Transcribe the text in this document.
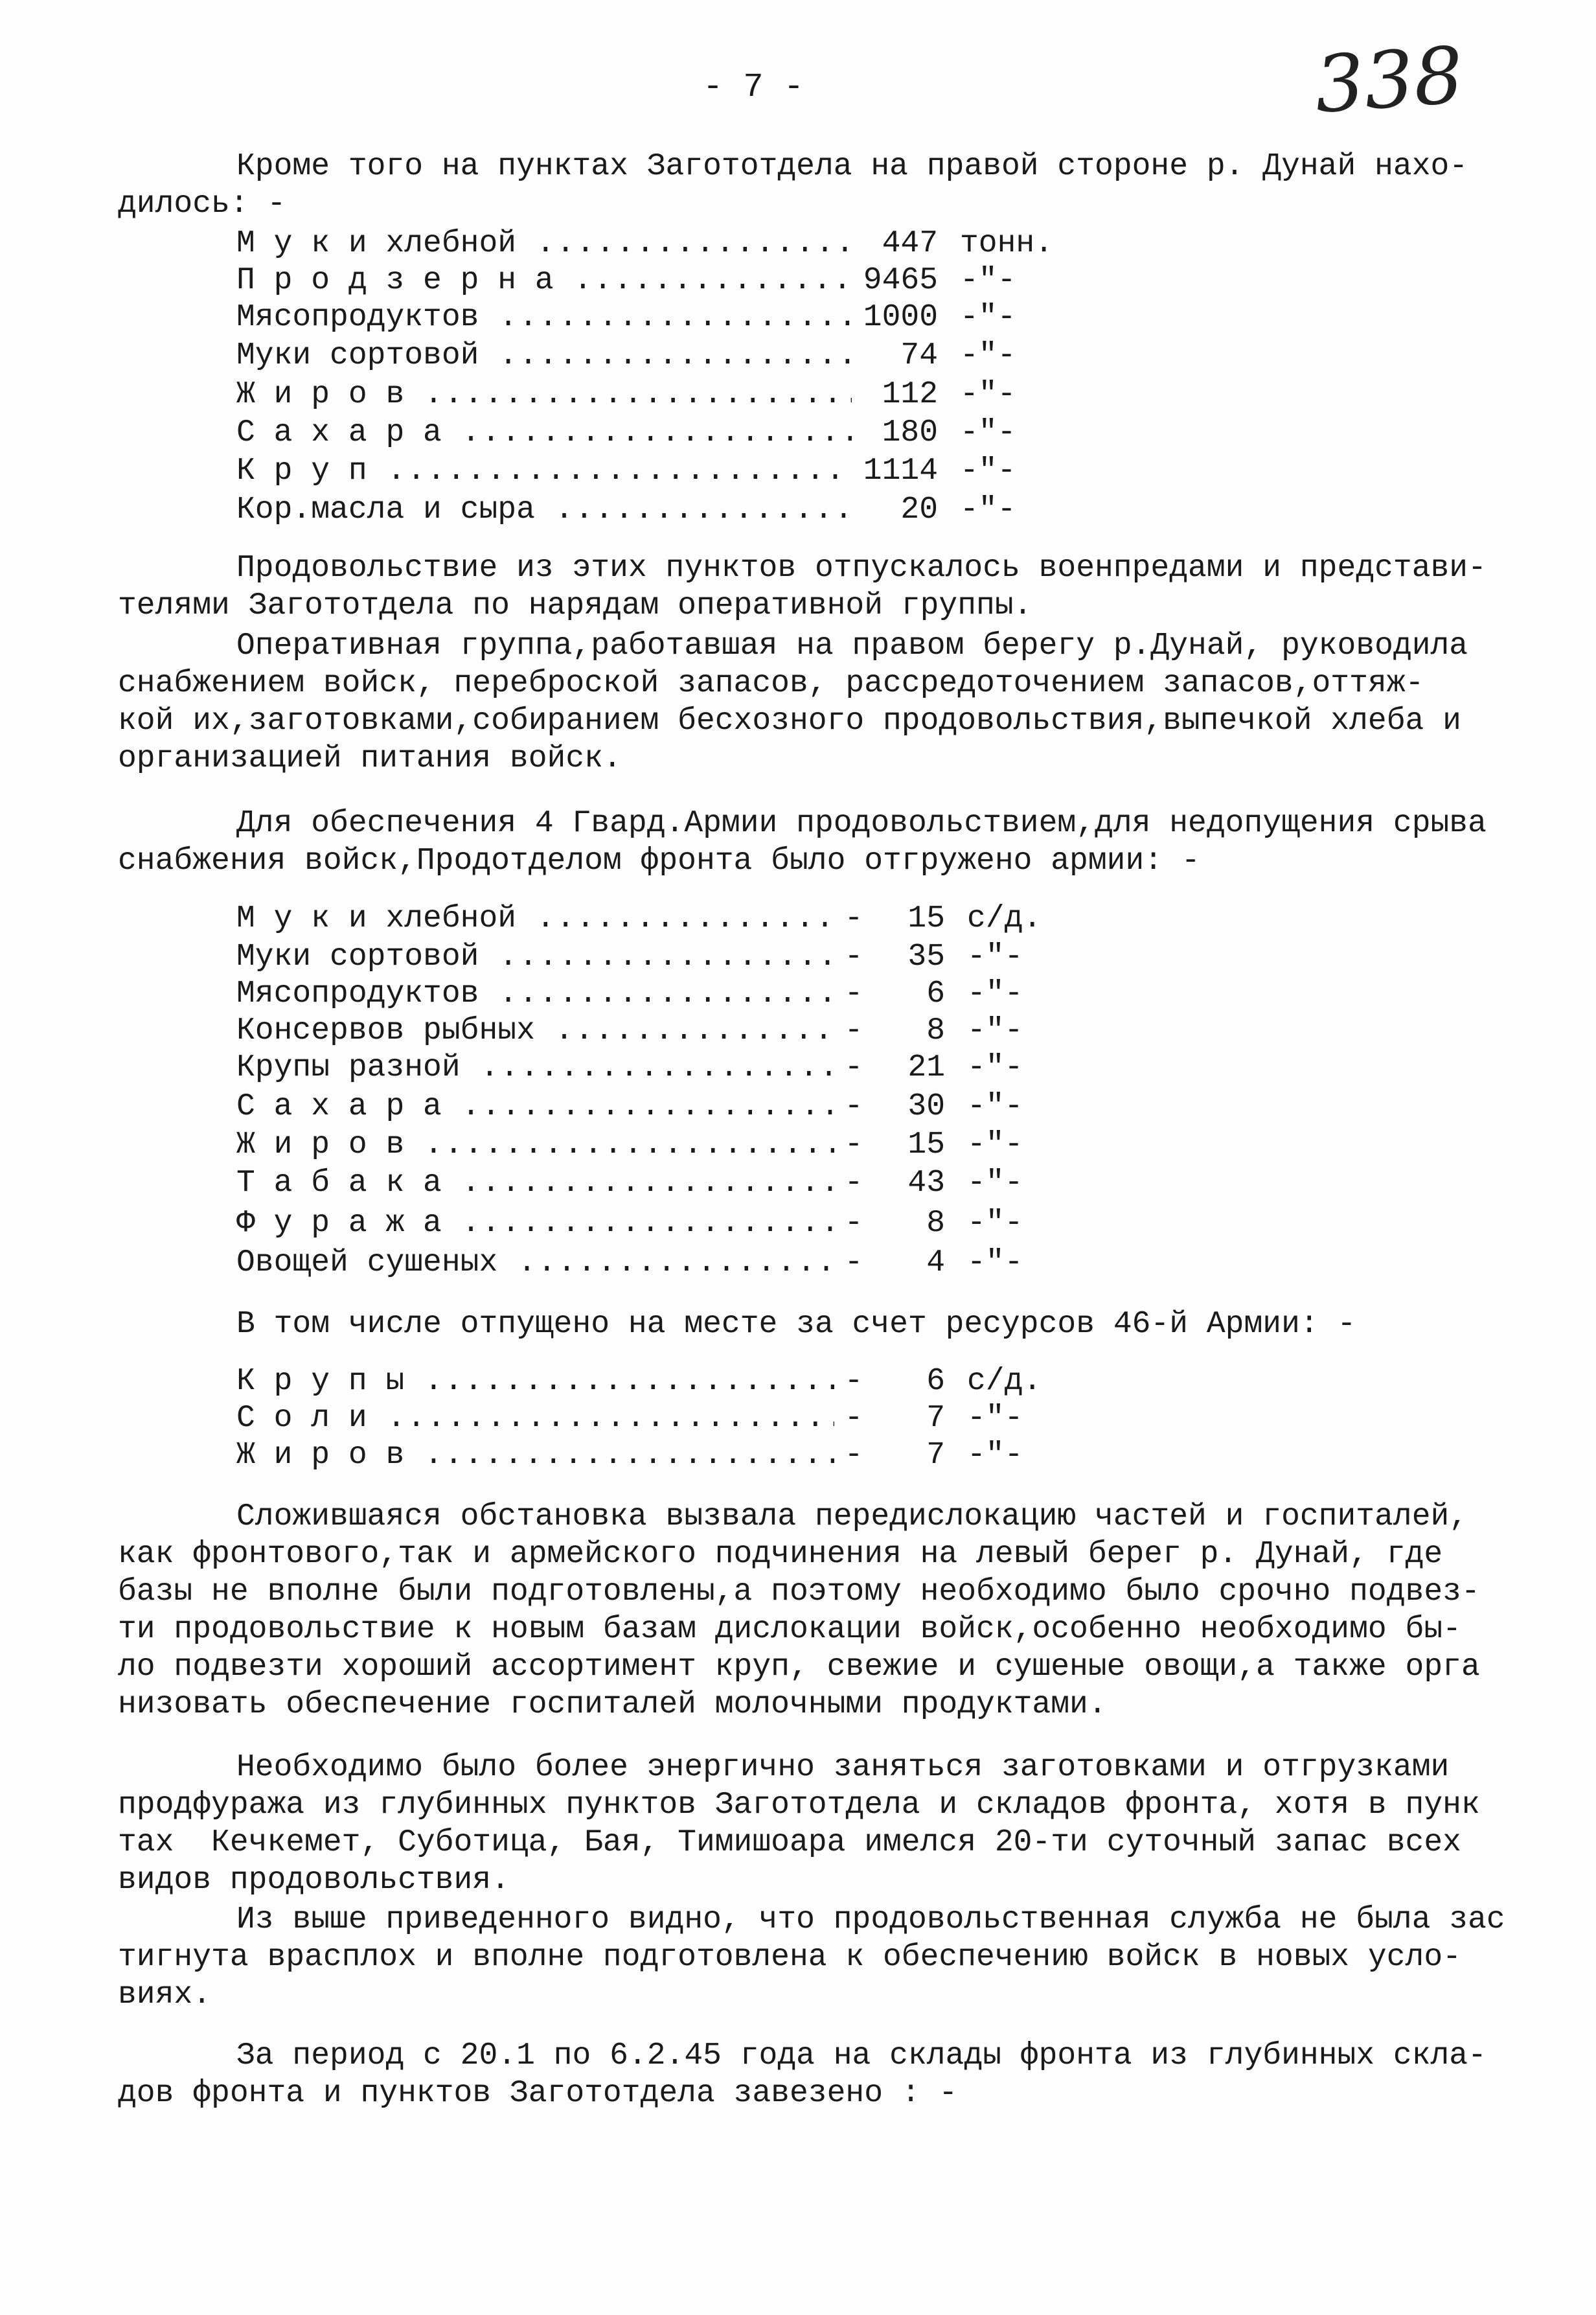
- 7 -	338
Кроме того на пунктах Загототдела на правой стороне р. Дунай нахо-
дилось: -
М у к и хлебной .....	447 тонн.
П р о д з е р н а .....	9465 -"-
Мясопродуктов .....	1000 -"-
Муки сортовой .....	74 -"-
Ж и р о в .....	112 -"-
С а х а р а .....	180 -"-
К р у п .....	1114 -"-
Кор.масла и сыра .....	20 -"-
Продовольствие из этих пунктов отпускалось военпредами и представи-
телями Загототдела по нарядам оперативной группы.
Оперативная группа,работавшая на правом берегу р.Дунай, руководила
снабжением войск, переброской запасов, рассредоточением запасов,оттяж-
кой их,заготовками,собиранием бесхозного продовольствия,выпечкой хлеба и
организацией питания войск.
Для обеспечения 4 Гвард.Армии продовольствием,для недопущения срыва
снабжения войск,Продотделом фронта было отгружено армии: -
М у к и хлебной .....	-	15 с/д.
Муки сортовой .....	-	35 -"-
Мясопродуктов .....	-	6 -"-
Консервов рыбных .....	-	8 -"-
Крупы разной .....	-	21 -"-
С а х а р а .....	-	30 -"-
Ж и р о в .....	-	15 -"-
Т а б а к а .....	-	43 -"-
Ф у р а ж а .....	-	8 -"-
Овощей сушеных .....	-	4 -"-
В том числе отпущено на месте за счет ресурсов 46-й Армии: -
К р у п ы .....	-	6 с/д.
С о л и .....	-	7 -"-
Ж и р о в .....	-	7 -"-
Сложившаяся обстановка вызвала передислокацию частей и госпиталей,
как фронтового,так и армейского подчинения на левый берег р. Дунай, где
базы не вполне были подготовлены,а поэтому необходимо было срочно подвез-
ти продовольствие к новым базам дислокации войск,особенно необходимо бы-
ло подвезти хороший ассортимент круп, свежие и сушеные овощи,а также орга
низовать обеспечение госпиталей молочными продуктами.
Необходимо было более энергично заняться заготовками и отгрузками
продфуража из глубинных пунктов Загототдела и складов фронта, хотя в пунк
тах  Кечкемет, Суботица, Бая, Тимишоара имелся 20-ти суточный запас всех
видов продовольствия.
Из выше приведенного видно, что продовольственная служба не была зас
тигнута врасплох и вполне подготовлена к обеспечению войск в новых усло-
виях.
За период с 20.1 по 6.2.45 года на склады фронта из глубинных скла-
дов фронта и пунктов Загототдела завезено : -
